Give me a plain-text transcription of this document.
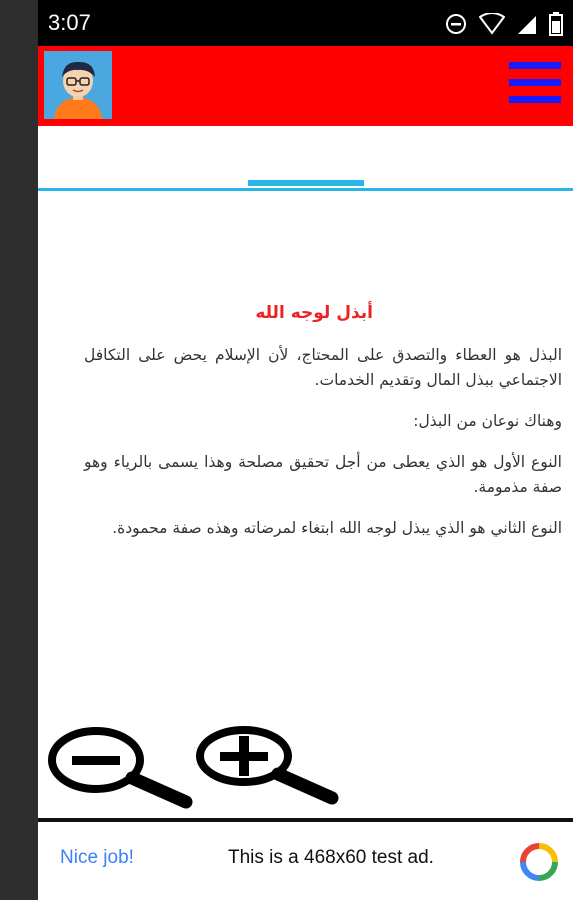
3:07
أبذل لوجه الله
البذل هو العطاء والتصدق على المحتاج، لأن الإسلام يحض على التكافل الاجتماعي ببذل المال وتقديم الخدمات.
وهناك نوعان من البذل:
النوع الأول هو الذي يعطى من أجل تحقيق مصلحة وهذا يسمى بالرياء وهو صفة مذمومة.
النوع الثاني هو الذي يبذل لوجه الله ابتغاء لمرضاته وهذه صفة محمودة.
Nice job!	This is a 468x60 test ad.
free for personal use
